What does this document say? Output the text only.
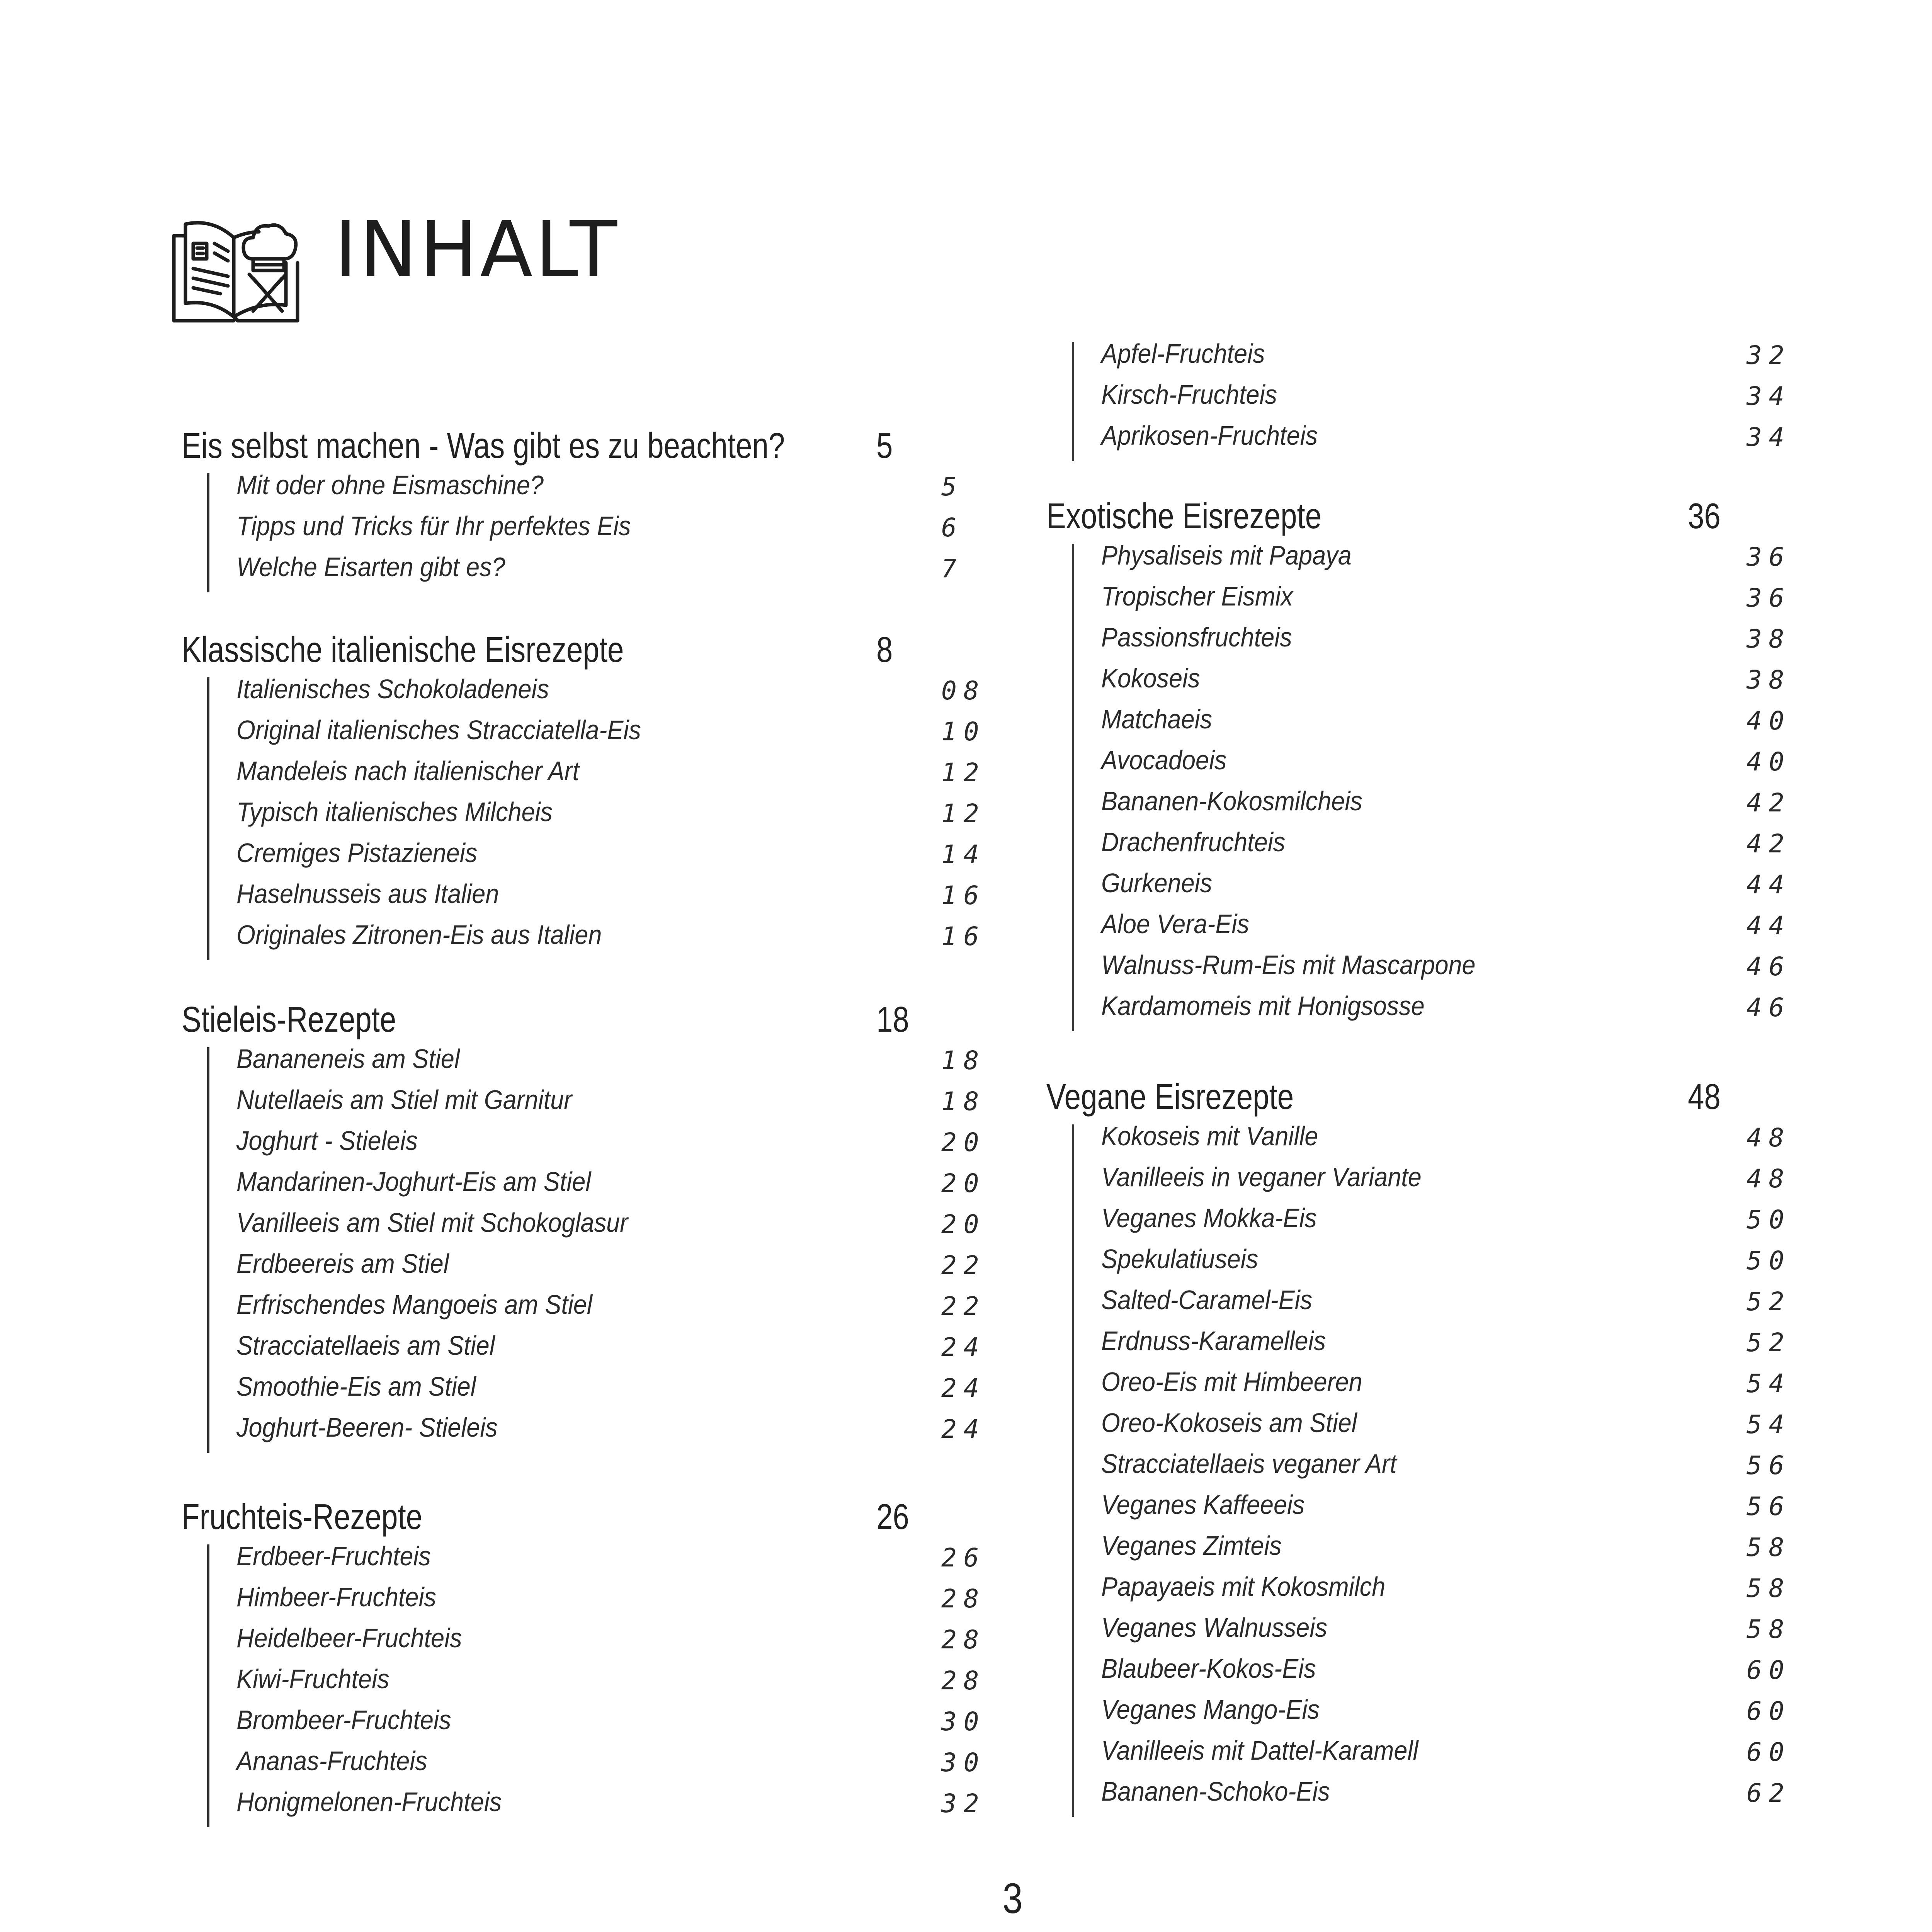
INHALT
Eis selbst machen - Was gibt es zu beachten?	5
Mit oder ohne Eismaschine?	5
Tipps und Tricks für Ihr perfektes Eis	6
Welche Eisarten gibt es?	7
Klassische italienische Eisrezepte	8
Italienisches Schokoladeneis	08
Original italienisches Stracciatella-Eis	10
Mandeleis nach italienischer Art	12
Typisch italienisches Milcheis	12
Cremiges Pistazieneis	14
Haselnusseis aus Italien	16
Originales Zitronen-Eis aus Italien	16
Stieleis-Rezepte	18
Bananeneis am Stiel	18
Nutellaeis am Stiel mit Garnitur	18
Joghurt - Stieleis	20
Mandarinen-Joghurt-Eis am Stiel	20
Vanilleeis am Stiel mit Schokoglasur	20
Erdbeereis am Stiel	22
Erfrischendes Mangoeis am Stiel	22
Stracciatellaeis am Stiel	24
Smoothie-Eis am Stiel	24
Joghurt-Beeren- Stieleis	24
Fruchteis-Rezepte	26
Erdbeer-Fruchteis	26
Himbeer-Fruchteis	28
Heidelbeer-Fruchteis	28
Kiwi-Fruchteis	28
Brombeer-Fruchteis	30
Ananas-Fruchteis	30
Honigmelonen-Fruchteis	32
Apfel-Fruchteis	32
Kirsch-Fruchteis	34
Aprikosen-Fruchteis	34
Exotische Eisrezepte	36
Physaliseis mit Papaya	36
Tropischer Eismix	36
Passionsfruchteis	38
Kokoseis	38
Matchaeis	40
Avocadoeis	40
Bananen-Kokosmilcheis	42
Drachenfruchteis	42
Gurkeneis	44
Aloe Vera-Eis	44
Walnuss-Rum-Eis mit Mascarpone	46
Kardamomeis mit Honigsosse	46
Vegane Eisrezepte	48
Kokoseis mit Vanille	48
Vanilleeis in veganer Variante	48
Veganes Mokka-Eis	50
Spekulatiuseis	50
Salted-Caramel-Eis	52
Erdnuss-Karamelleis	52
Oreo-Eis mit Himbeeren	54
Oreo-Kokoseis am Stiel	54
Stracciatellaeis veganer Art	56
Veganes Kaffeeeis	56
Veganes Zimteis	58
Papayaeis mit Kokosmilch	58
Veganes Walnusseis	58
Blaubeer-Kokos-Eis	60
Veganes Mango-Eis	60
Vanilleeis mit Dattel-Karamell	60
Bananen-Schoko-Eis	62
3
